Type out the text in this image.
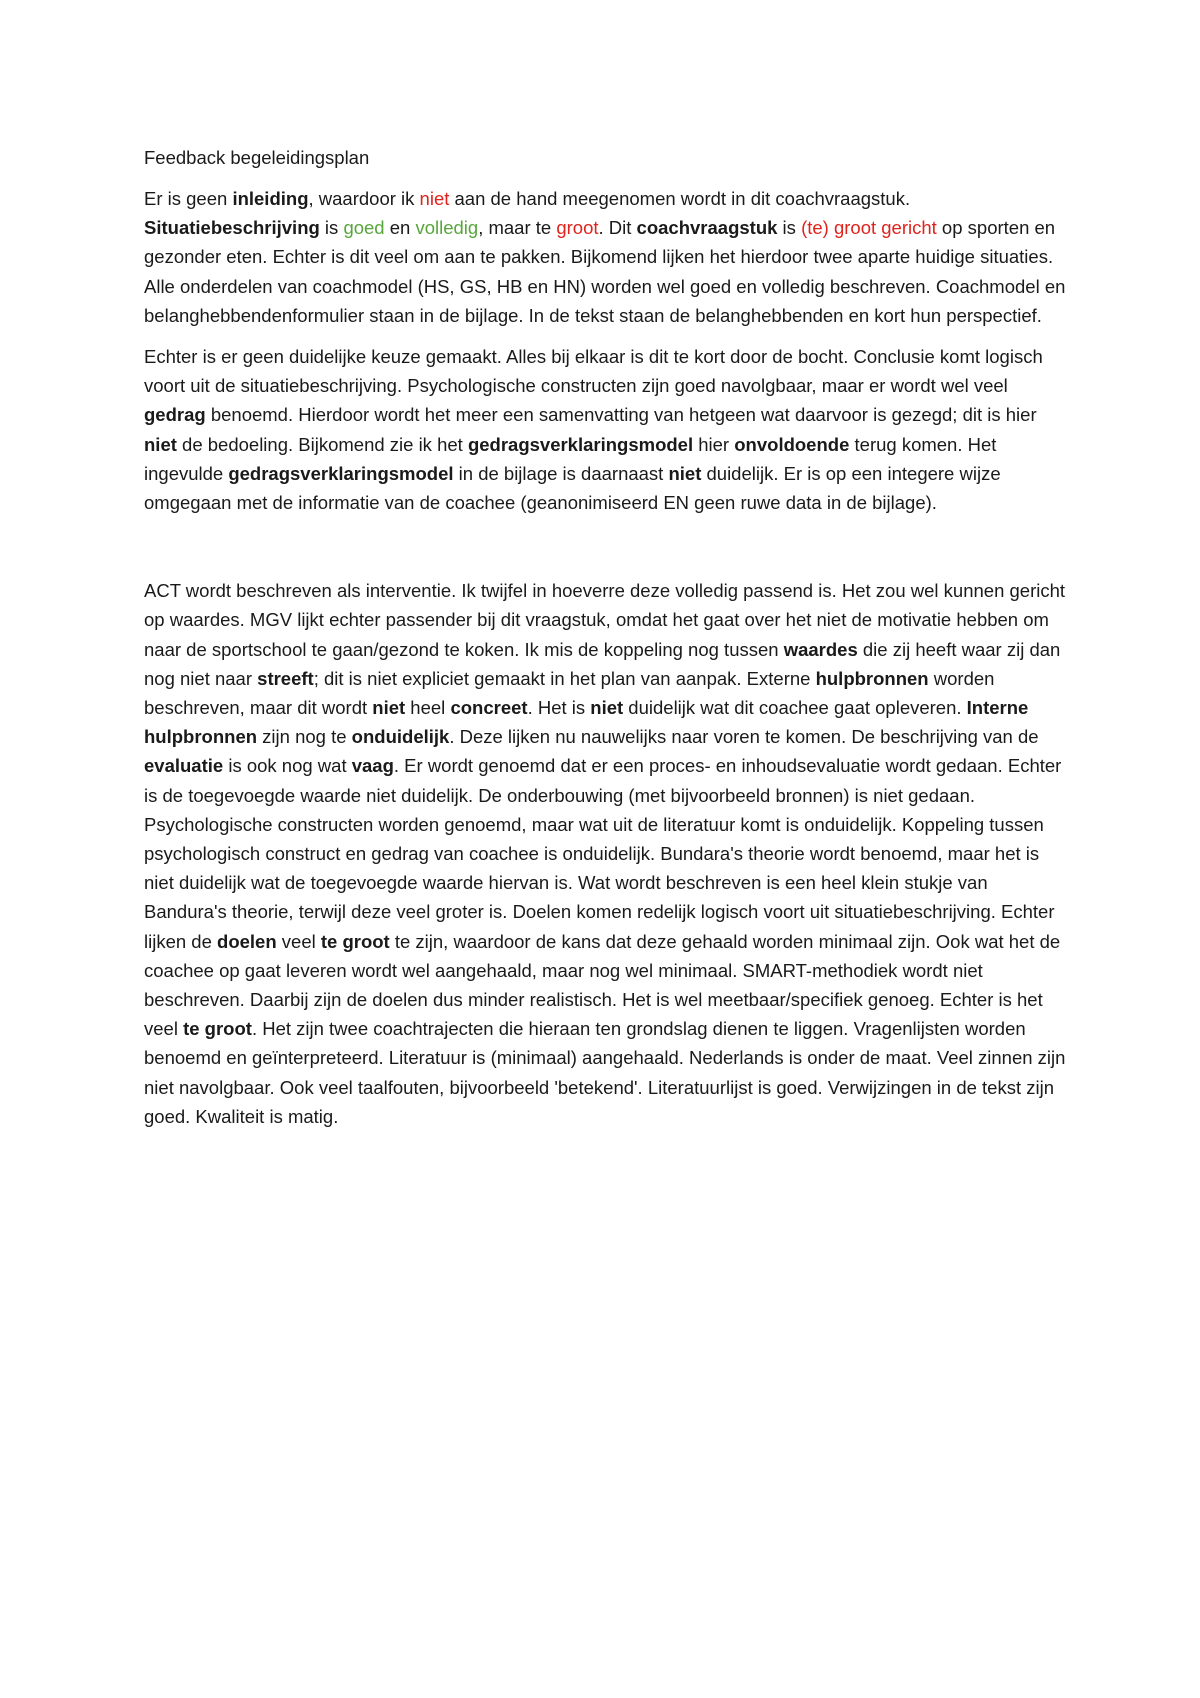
Feedback begeleidingsplan

Er is geen inleiding, waardoor ik niet aan de hand meegenomen wordt in dit coachvraagstuk. Situatiebeschrijving is goed en volledig, maar te groot. Dit coachvraagstuk is (te) groot gericht op sporten en gezonder eten. Echter is dit veel om aan te pakken. Bijkomend lijken het hierdoor twee aparte huidige situaties. Alle onderdelen van coachmodel (HS, GS, HB en HN) worden wel goed en volledig beschreven. Coachmodel en belanghebbendenformulier staan in de bijlage. In de tekst staan de belanghebbenden en kort hun perspectief.

Echter is er geen duidelijke keuze gemaakt. Alles bij elkaar is dit te kort door de bocht. Conclusie komt logisch voort uit de situatiebeschrijving. Psychologische constructen zijn goed navolgbaar, maar er wordt wel veel gedrag benoemd. Hierdoor wordt het meer een samenvatting van hetgeen wat daarvoor is gezegd; dit is hier niet de bedoeling. Bijkomend zie ik het gedragsverklaringsmodel hier onvoldoende terug komen. Het ingevulde gedragsverklaringsmodel in de bijlage is daarnaast niet duidelijk. Er is op een integere wijze omgegaan met de informatie van de coachee (geanonimiseerd EN geen ruwe data in de bijlage).

ACT wordt beschreven als interventie. Ik twijfel in hoeverre deze volledig passend is. Het zou wel kunnen gericht op waardes. MGV lijkt echter passender bij dit vraagstuk, omdat het gaat over het niet de motivatie hebben om naar de sportschool te gaan/gezond te koken. Ik mis de koppeling nog tussen waardes die zij heeft waar zij dan nog niet naar streeft; dit is niet expliciet gemaakt in het plan van aanpak. Externe hulpbronnen worden beschreven, maar dit wordt niet heel concreet. Het is niet duidelijk wat dit coachee gaat opleveren. Interne hulpbronnen zijn nog te onduidelijk. Deze lijken nu nauwelijks naar voren te komen. De beschrijving van de evaluatie is ook nog wat vaag. Er wordt genoemd dat er een proces- en inhoudsevaluatie wordt gedaan. Echter is de toegevoegde waarde niet duidelijk. De onderbouwing (met bijvoorbeeld bronnen) is niet gedaan. Psychologische constructen worden genoemd, maar wat uit de literatuur komt is onduidelijk. Koppeling tussen psychologisch construct en gedrag van coachee is onduidelijk. Bundara's theorie wordt benoemd, maar het is niet duidelijk wat de toegevoegde waarde hiervan is. Wat wordt beschreven is een heel klein stukje van Bandura's theorie, terwijl deze veel groter is. Doelen komen redelijk logisch voort uit situatiebeschrijving. Echter lijken de doelen veel te groot te zijn, waardoor de kans dat deze gehaald worden minimaal zijn. Ook wat het de coachee op gaat leveren wordt wel aangehaald, maar nog wel minimaal. SMART-methodiek wordt niet beschreven. Daarbij zijn de doelen dus minder realistisch. Het is wel meetbaar/specifiek genoeg. Echter is het veel te groot. Het zijn twee coachtrajecten die hieraan ten grondslag dienen te liggen. Vragenlijsten worden benoemd en geïnterpreteerd. Literatuur is (minimaal) aangehaald. Nederlands is onder de maat. Veel zinnen zijn niet navolgbaar. Ook veel taalfouten, bijvoorbeeld 'betekend'. Literatuurlijst is goed. Verwijzingen in de tekst zijn goed. Kwaliteit is matig.
